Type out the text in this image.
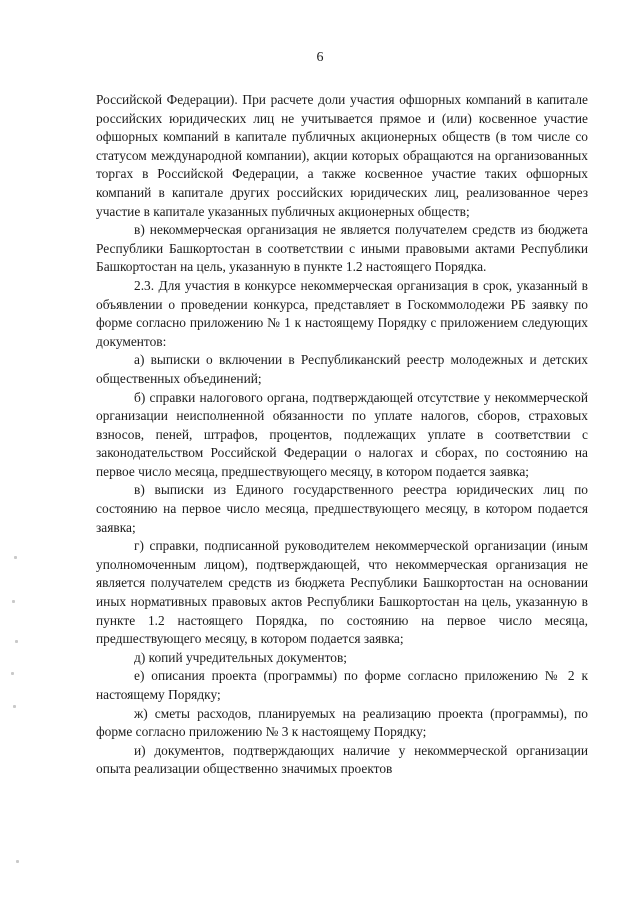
6

Российской Федерации). При расчете доли участия офшорных компаний в капитале российских юридических лиц не учитывается прямое и (или) косвенное участие офшорных компаний в капитале публичных акционерных обществ (в том числе со статусом международной компании), акции которых обращаются на организованных торгах в Российской Федерации, а также косвенное участие таких офшорных компаний в капитале других российских юридических лиц, реализованное через участие в капитале указанных публичных акционерных обществ;

в) некоммерческая организация не является получателем средств из бюджета Республики Башкортостан в соответствии с иными правовыми актами Республики Башкортостан на цель, указанную в пункте 1.2 настоящего Порядка.

2.3. Для участия в конкурсе некоммерческая организация в срок, указанный в объявлении о проведении конкурса, представляет в Госкоммолодежи РБ заявку по форме согласно приложению № 1 к настоящему Порядку с приложением следующих документов:

а) выписки о включении в Республиканский реестр молодежных и детских общественных объединений;

б) справки налогового органа, подтверждающей отсутствие у некоммерческой организации неисполненной обязанности по уплате налогов, сборов, страховых взносов, пеней, штрафов, процентов, подлежащих уплате в соответствии с законодательством Российской Федерации о налогах и сборах, по состоянию на первое число месяца, предшествующего месяцу, в котором подается заявка;

в) выписки из Единого государственного реестра юридических лиц по состоянию на первое число месяца, предшествующего месяцу, в котором подается заявка;

г) справки, подписанной руководителем некоммерческой организации (иным уполномоченным лицом), подтверждающей, что некоммерческая организация не является получателем средств из бюджета Республики Башкортостан на основании иных нормативных правовых актов Республики Башкортостан на цель, указанную в пункте 1.2 настоящего Порядка, по состоянию на первое число месяца, предшествующего месяцу, в котором подается заявка;

д) копий учредительных документов;

е) описания проекта (программы) по форме согласно приложению № 2 к настоящему Порядку;

ж) сметы расходов, планируемых на реализацию проекта (программы), по форме согласно приложению № 3 к настоящему Порядку;

и) документов, подтверждающих наличие у некоммерческой организации опыта реализации общественно значимых проектов
